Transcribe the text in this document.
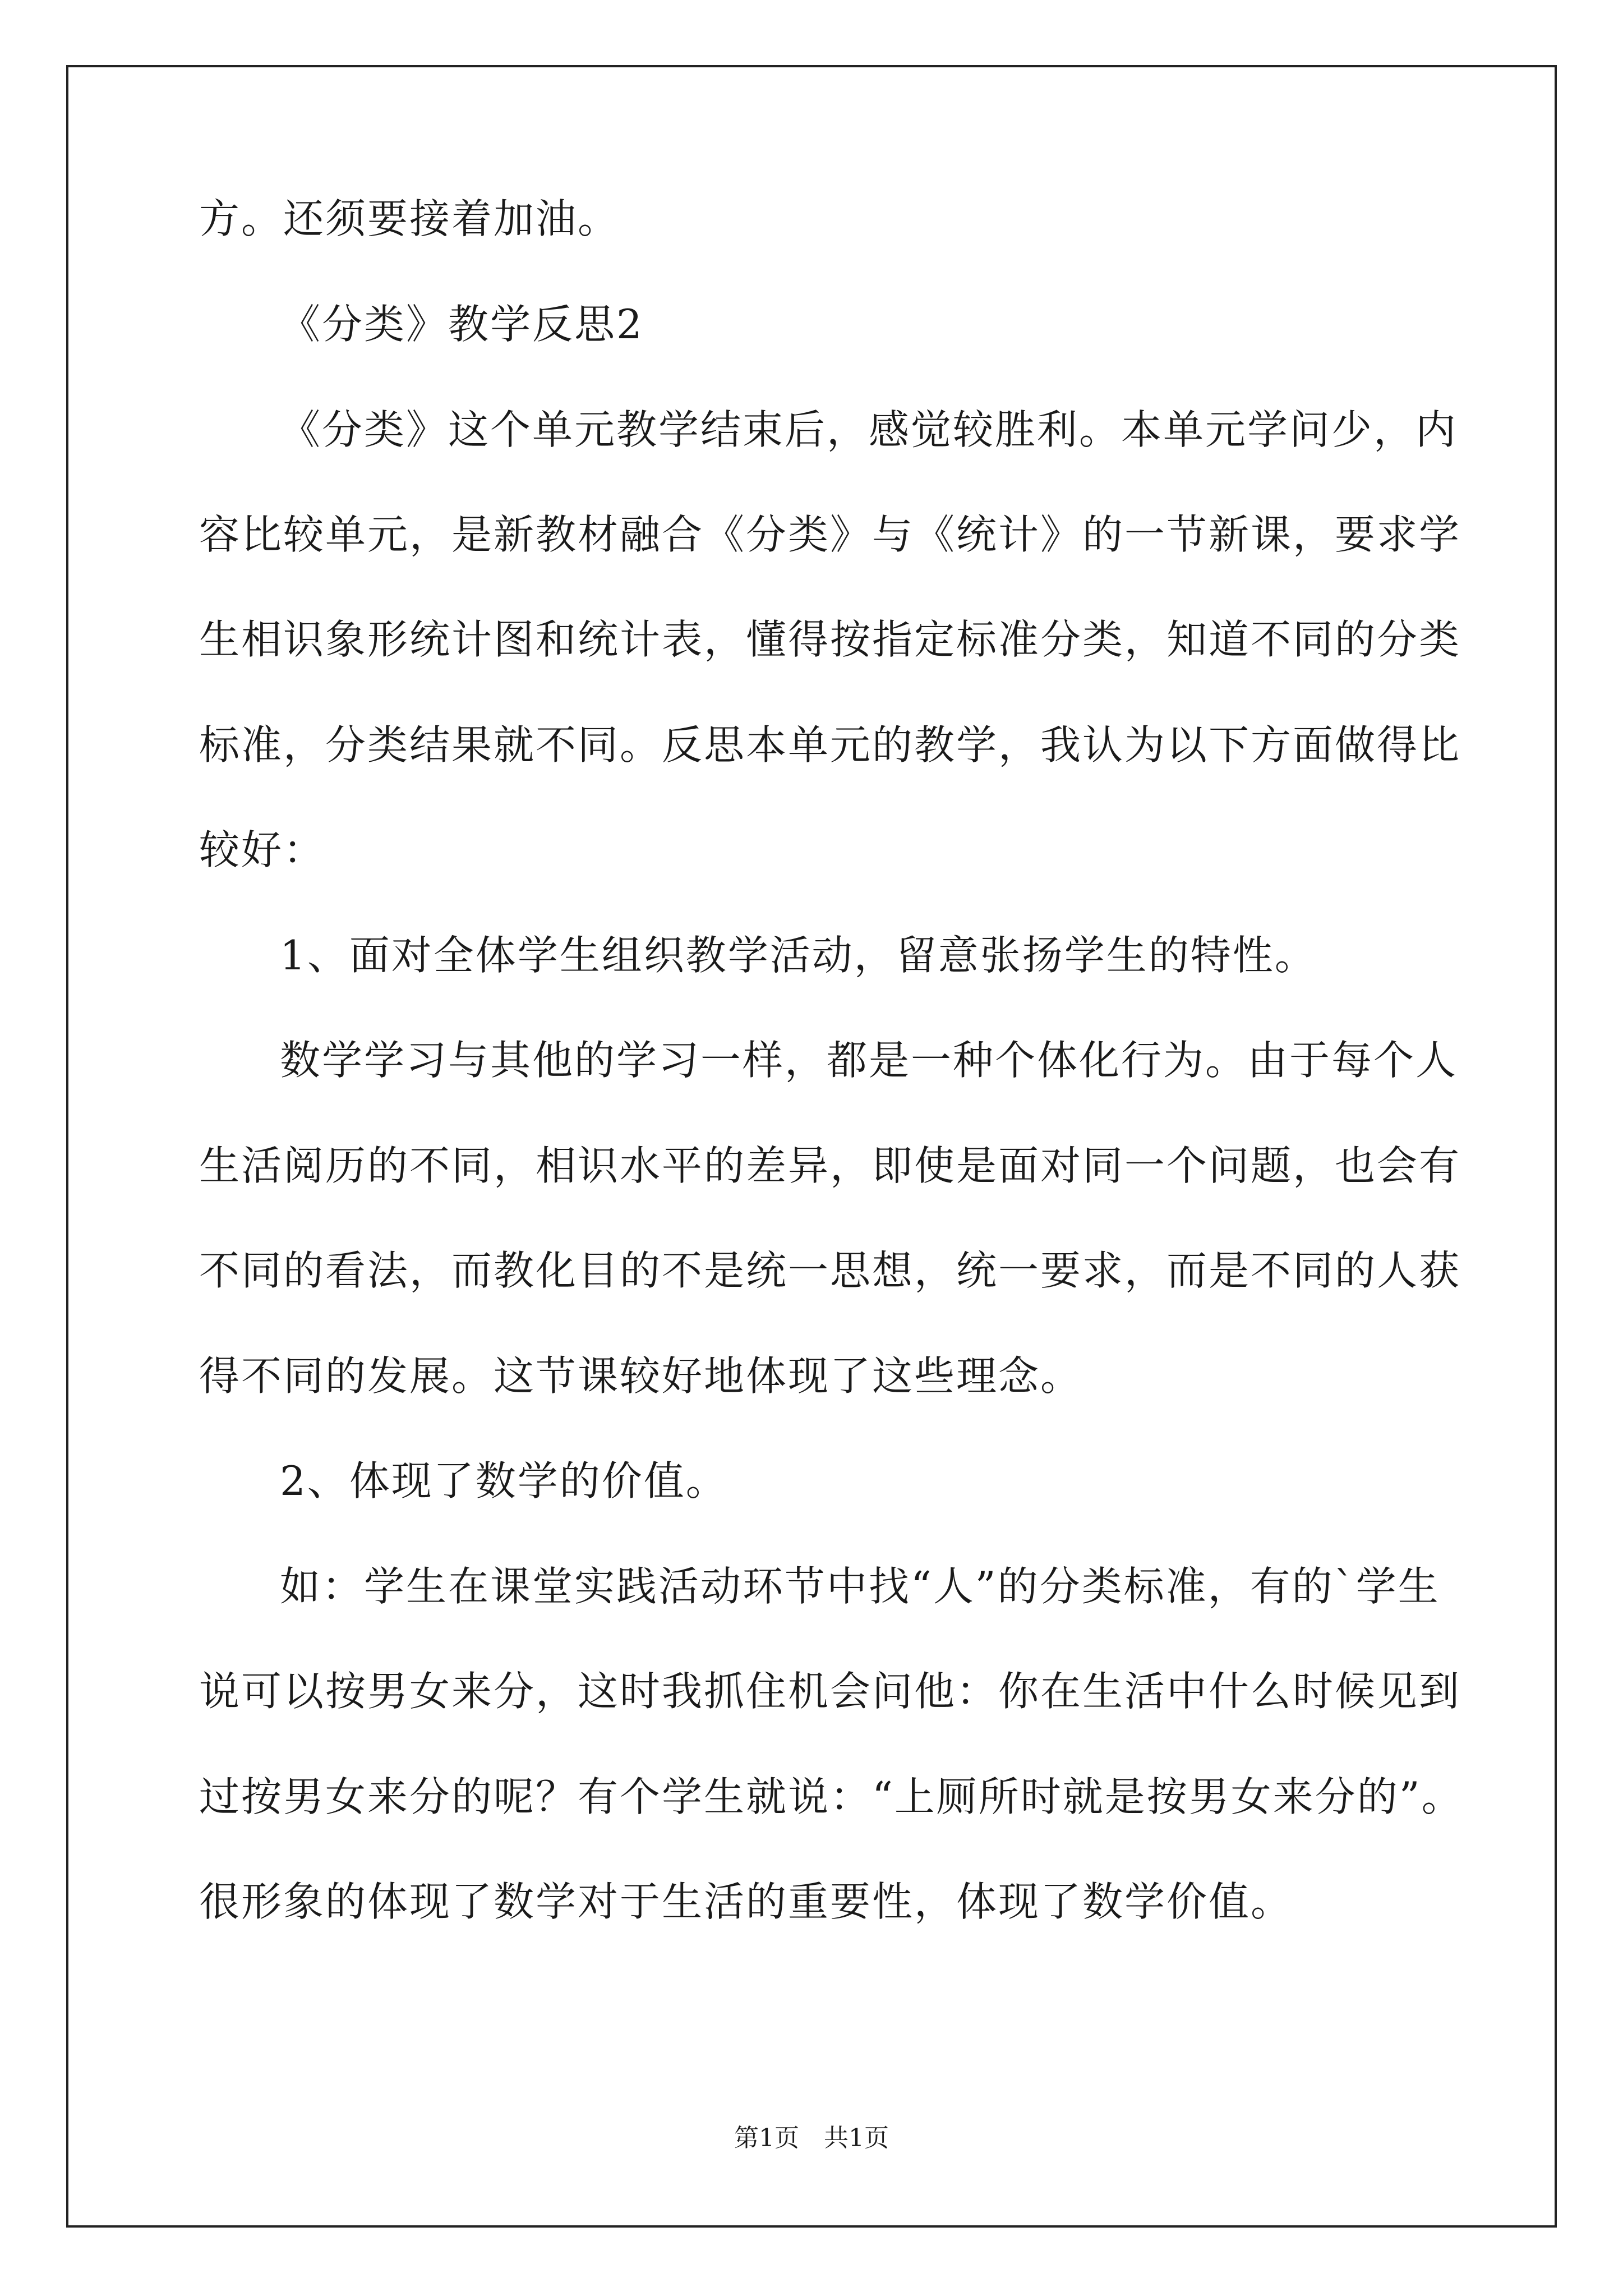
方。还须要接着加油。
《分类》教学反思2
《分类》这个单元教学结束后，感觉较胜利。本单元学问少，内
容比较单元，是新教材融合《分类》与《统计》的一节新课，要求学
生相识象形统计图和统计表，懂得按指定标准分类，知道不同的分类
标准，分类结果就不同。反思本单元的教学，我认为以下方面做得比
较好：
1、面对全体学生组织教学活动，留意张扬学生的特性。
数学学习与其他的学习一样，都是一种个体化行为。由于每个人
生活阅历的不同，相识水平的差异，即使是面对同一个问题，也会有
不同的看法，而教化目的不是统一思想，统一要求，而是不同的人获
得不同的发展。这节课较好地体现了这些理念。
2、体现了数学的价值。
如：学生在课堂实践活动环节中找“人”的分类标准，有的`学生
说可以按男女来分，这时我抓住机会问他：你在生活中什么时候见到
过按男女来分的呢？有个学生就说：“上厕所时就是按男女来分的”。
很形象的体现了数学对于生活的重要性，体现了数学价值。
第1页　共1页
